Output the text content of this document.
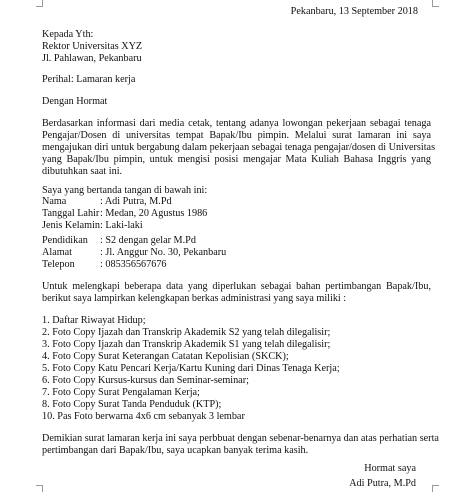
Pekanbaru, 13 September 2018
Kepada Yth:
Rektor Universitas XYZ
Jl. Pahlawan, Pekanbaru
Perihal: Lamaran kerja
Dengan Hormat
Berdasarkan informasi dari media cetak, tentang adanya lowongan pekerjaan sebagai tenaga
Pengajar/Dosen di universitas tempat Bapak/Ibu pimpin. Melalui surat lamaran ini saya
mengajukan diri untuk bergabung dalam pekerjaan sebagai tenaga pengajar/dosen di Universitas
yang Bapak/Ibu pimpin, untuk mengisi posisi mengajar Mata Kuliah Bahasa Inggris yang
dibutuhkan saat ini.
Saya yang bertanda tangan di bawah ini:
Nama	: Adi Putra, M.Pd
Tanggal Lahir: Medan, 20 Agustus 1986
Jenis Kelamin: Laki-laki
Pendidikan : S2 dengan gelar M.Pd
Alamat	: Jl. Anggur No. 30, Pekanbaru
Telepon : 085356567676
Untuk melengkapi beberapa data yang diperlukan sebagai bahan pertimbangan Bapak/Ibu,
berikut saya lampirkan kelengkapan berkas administrasi yang saya miliki :
1. Daftar Riwayat Hidup;
2. Foto Copy Ijazah dan Transkrip Akademik S2 yang telah dilegalisir;
3. Foto Copy Ijazah dan Transkrip Akademik S1 yang telah dilegalisir;
4. Foto Copy Surat Keterangan Catatan Kepolisian (SKCK);
5. Foto Copy Katu Pencari Kerja/Kartu Kuning dari Dinas Tenaga Kerja;
6. Foto Copy Kursus-kursus dan Seminar-seminar;
7. Foto Copy Surat Pengalaman Kerja;
8. Foto Copy Surat Tanda Penduduk (KTP);
10. Pas Foto berwarna 4x6 cm sebanyak 3 lembar
Demikian surat lamaran kerja ini saya perbbuat dengan sebenar-benarnya dan atas perhatian serta
pertimbangan dari Bapak/Ibu, saya ucapkan banyak terima kasih.
Hormat saya
Adi Putra, M.Pd
